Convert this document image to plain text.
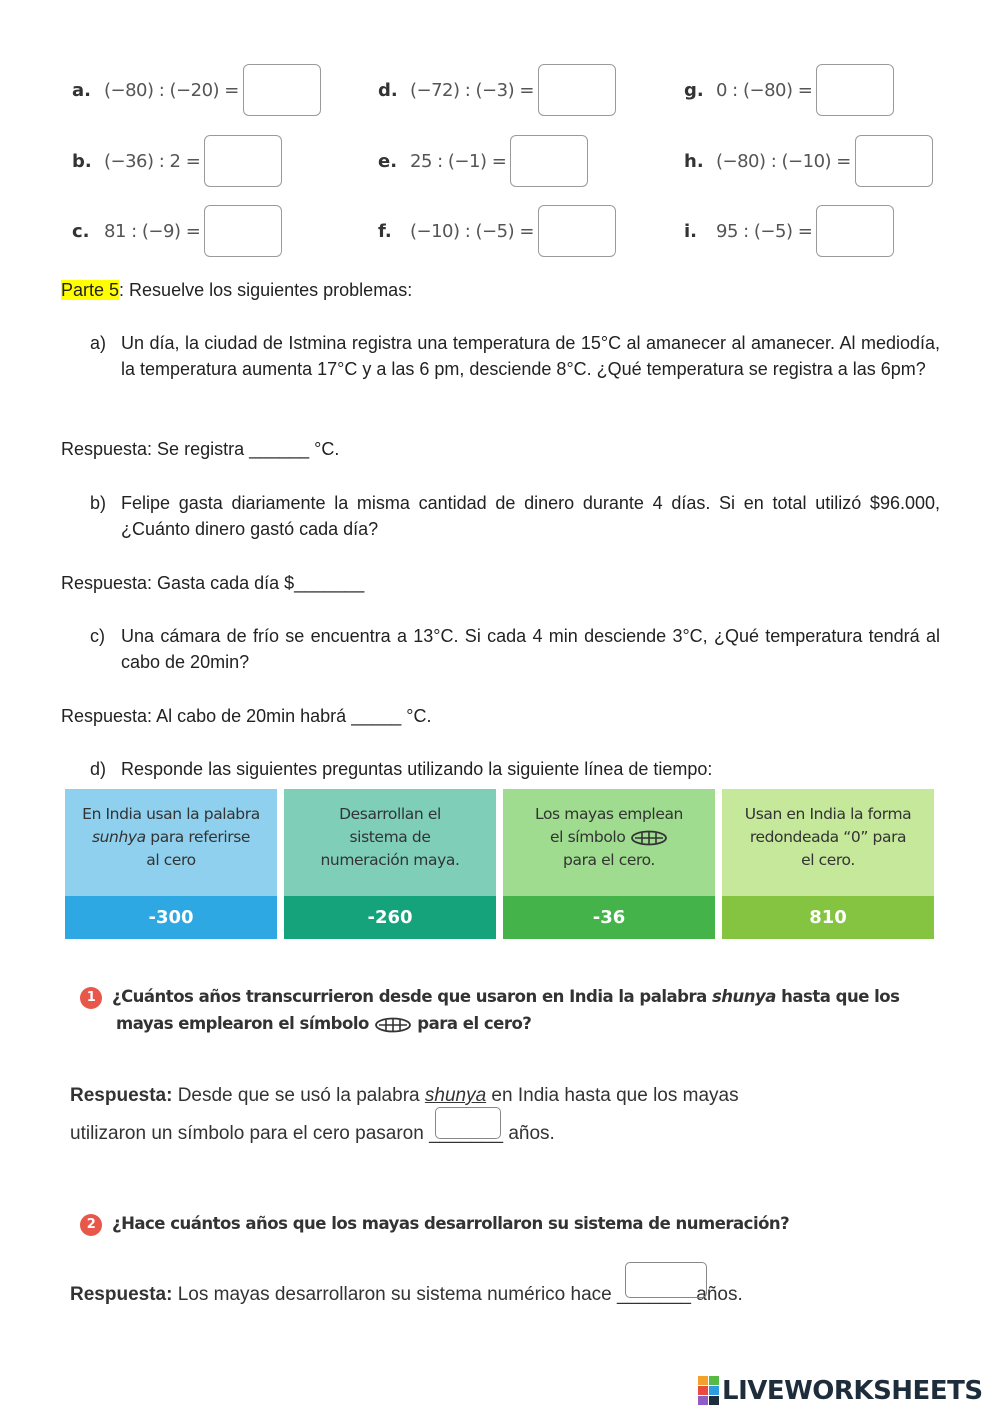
a. (−80) : (−20) =	d. (−72) : (−3) =	g. 0 : (−80) =
b. (−36) : 2 =	e. 25 : (−1) =	h. (−80) : (−10) =
c. 81 : (−9) =	f.	(−10) : (−5) =	i.	95 : (−5) =
Parte 5: Resuelve los siguientes problemas:
a) Un día, la ciudad de Istmina registra una temperatura de 15°C al amanecer al amanecer. Al mediodía, la temperatura aumenta 17°C y a las 6 pm, desciende 8°C. ¿Qué temperatura se registra a las 6pm?
Respuesta: Se registra ______ °C.
b) Felipe gasta diariamente la misma cantidad de dinero durante 4 días. Si en total utilizó $96.000, ¿Cuánto dinero gastó cada día?
Respuesta: Gasta cada día $_______
c) Una cámara de frío se encuentra a 13°C. Si cada 4 min desciende 3°C, ¿Qué temperatura tendrá al cabo de 20min?
Respuesta: Al cabo de 20min habrá _____ °C.
d) Responde las siguientes preguntas utilizando la siguiente línea de tiempo:
En India usan la palabra
sunhya para referirse
al cero
-300
Desarrollan el
sistema de
numeración maya.
-260
Los mayas emplean
el símbolo
para el cero.
-36
Usan en India la forma
redondeada “0” para
el cero.
810
1 ¿Cuántos años transcurrieron desde que usaron en India la palabra shunya hasta que los
mayas emplearon el símbolo  para el cero?
Respuesta: Desde que se usó la palabra shunya en India hasta que los mayas
utilizaron un símbolo para el cero pasaron _______
años.
2 ¿Hace cuántos años que los mayas desarrollaron su sistema de numeración?
Respuesta: Los mayas desarrollaron su sistema numérico hace _______
años.
LIVEWORKSHEETS
